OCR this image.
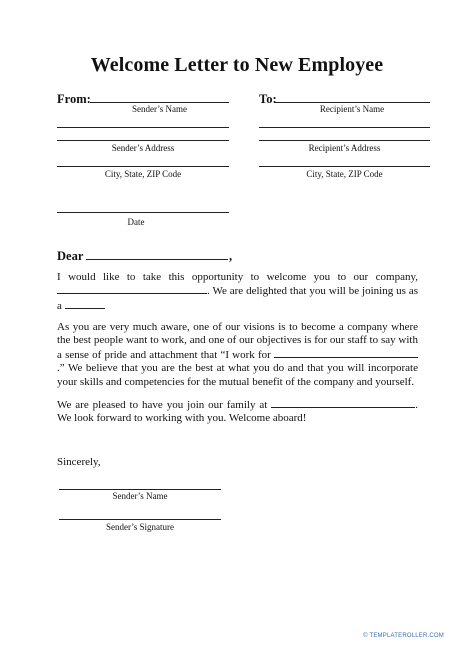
Welcome Letter to New Employee
From:
Sender’s Name
Sender’s Address
City, State, ZIP Code
Date
To:
Recipient’s Name
Recipient’s Address
City, State, ZIP Code
Dear	,

I would like to take this opportunity to welcome you to our company, . We are delighted that you will be joining us as a

As you are very much aware, one of our visions is to become a company where the best people want to work, and one of our objectives is for our staff to say with a sense of pride and attachment that “I work for .” We believe that you are the best at what you do and that you will incorporate your skills and competencies for the mutual benefit of the company and yourself.

We are pleased to have you join our family at	. We look forward to working with you. Welcome aboard!

Sincerely,
Sender’s Name
Sender’s Signature
© TEMPLATEROLLER.COM
